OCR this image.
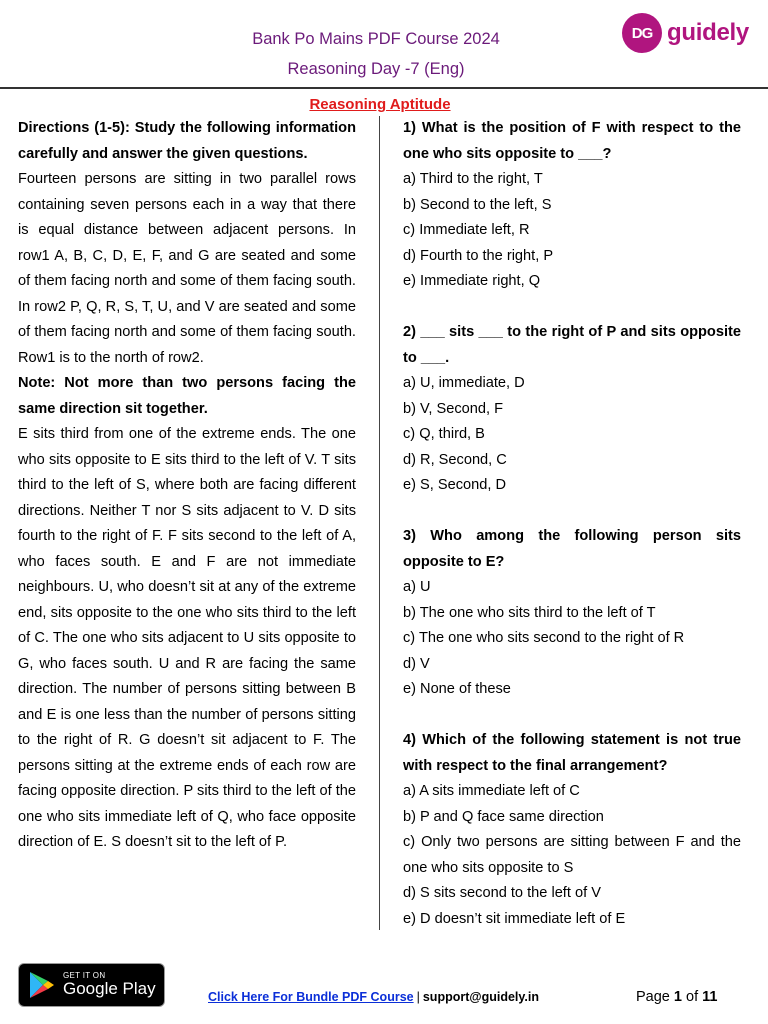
Bank Po Mains PDF Course 2024
Reasoning Day -7 (Eng)
DG guidely
Reasoning Aptitude

Directions (1-5): Study the following information carefully and answer the given questions.

Fourteen persons are sitting in two parallel rows containing seven persons each in a way that there is equal distance between adjacent persons. In row1 A, B, C, D, E, F, and G are seated and some of them facing north and some of them facing south. In row2 P, Q, R, S, T, U, and V are seated and some of them facing north and some of them facing south. Row1 is to the north of row2.

Note: Not more than two persons facing the same direction sit together.

E sits third from one of the extreme ends. The one who sits opposite to E sits third to the left of V. T sits third to the left of S, where both are facing different directions. Neither T nor S sits adjacent to V. D sits fourth to the right of F. F sits second to the left of A, who faces south. E and F are not immediate neighbours. U, who doesn’t sit at any of the extreme end, sits opposite to the one who sits third to the left of C. The one who sits adjacent to U sits opposite to G, who faces south. U and R are facing the same direction. The number of persons sitting between B and E is one less than the number of persons sitting to the right of R. G doesn’t sit adjacent to F. The persons sitting at the extreme ends of each row are facing opposite direction. P sits third to the left of the one who sits immediate left of Q, who face opposite direction of E. S doesn’t sit to the left of P.

1) What is the position of F with respect to the one who sits opposite to ___?

a) Third to the right, T

b) Second to the left, S

c) Immediate left, R

d) Fourth to the right, P

e) Immediate right, Q

2) ___ sits ___ to the right of P and sits opposite to ___.

a) U, immediate, D

b) V, Second, F

c) Q, third, B

d) R, Second, C

e) S, Second, D

3) Who among the following person sits opposite to E?

a) U

b) The one who sits third to the left of T

c) The one who sits second to the right of R

d) V

e) None of these

4) Which of the following statement is not true with respect to the final arrangement?

a) A sits immediate left of C

b) P and Q face same direction

c) Only two persons are sitting between F and the one who sits opposite to S

d) S sits second to the left of V

e) D doesn’t sit immediate left of E

GET IT ON
Google Play	Click Here For Bundle PDF Course | support@guidely.in	Page 1 of 11
